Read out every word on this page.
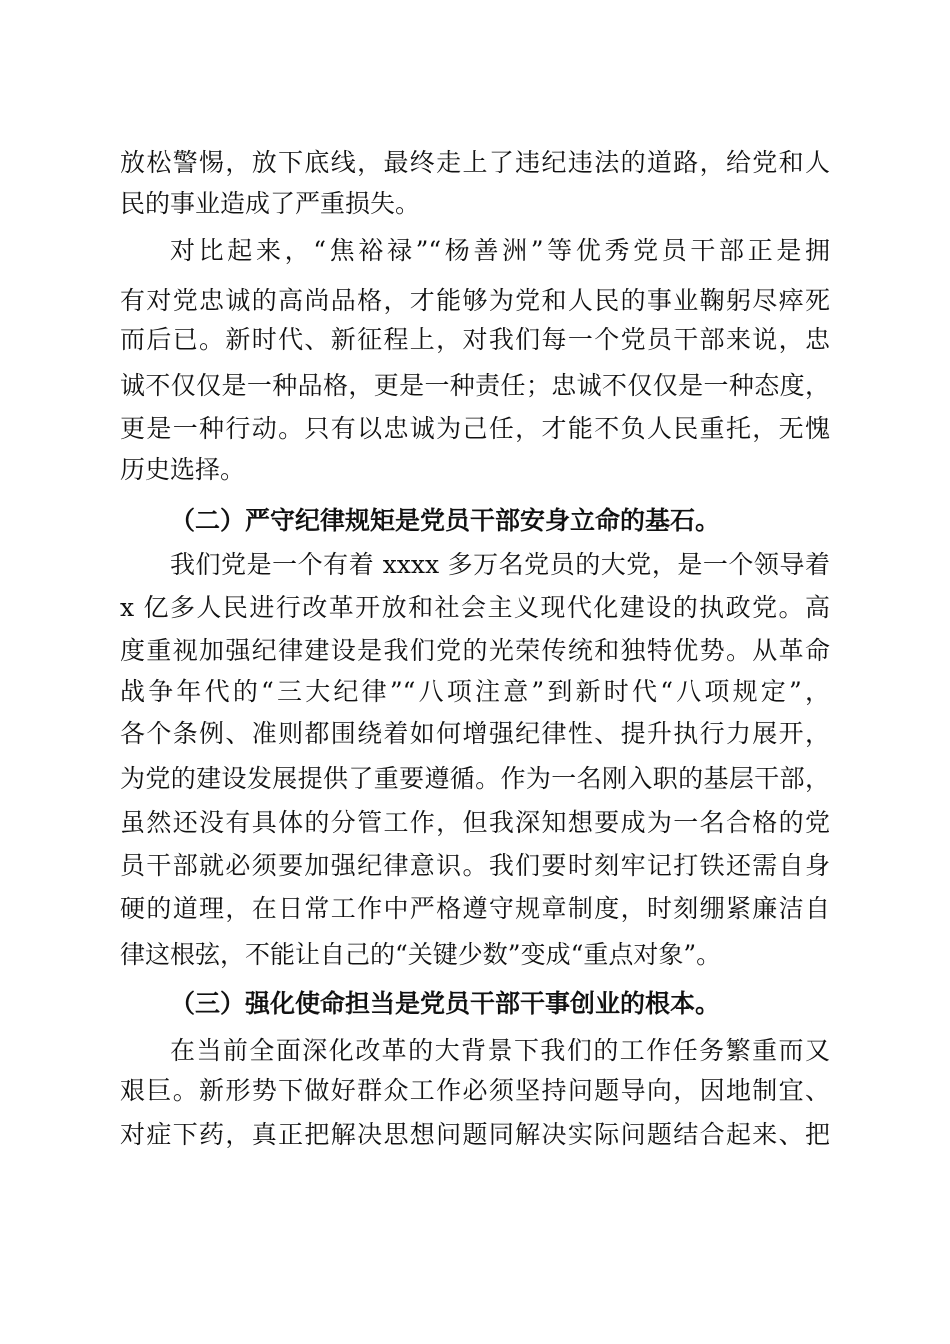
放松警惕，放下底线，最终走上了违纪违法的道路，给党和人
民的事业造成了严重损失。
对比起来，“焦裕禄”“杨善洲”等优秀党员干部正是拥
有对党忠诚的高尚品格，才能够为党和人民的事业鞠躬尽瘁死
而后已。新时代、新征程上，对我们每一个党员干部来说，忠
诚不仅仅是一种品格，更是一种责任；忠诚不仅仅是一种态度，
更是一种行动。只有以忠诚为己任，才能不负人民重托，无愧
历史选择。
（二）严守纪律规矩是党员干部安身立命的基石。
我们党是一个有着 xxxx 多万名党员的大党，是一个领导着
x 亿多人民进行改革开放和社会主义现代化建设的执政党。高
度重视加强纪律建设是我们党的光荣传统和独特优势。从革命
战争年代的“三大纪律”“八项注意”到新时代“八项规定”，
各个条例、准则都围绕着如何增强纪律性、提升执行力展开，
为党的建设发展提供了重要遵循。作为一名刚入职的基层干部，
虽然还没有具体的分管工作，但我深知想要成为一名合格的党
员干部就必须要加强纪律意识。我们要时刻牢记打铁还需自身
硬的道理，在日常工作中严格遵守规章制度，时刻绷紧廉洁自
律这根弦，不能让自己的“关键少数”变成“重点对象”。
（三）强化使命担当是党员干部干事创业的根本。
在当前全面深化改革的大背景下我们的工作任务繁重而又
艰巨。新形势下做好群众工作必须坚持问题导向，因地制宜、
对症下药，真正把解决思想问题同解决实际问题结合起来、把
